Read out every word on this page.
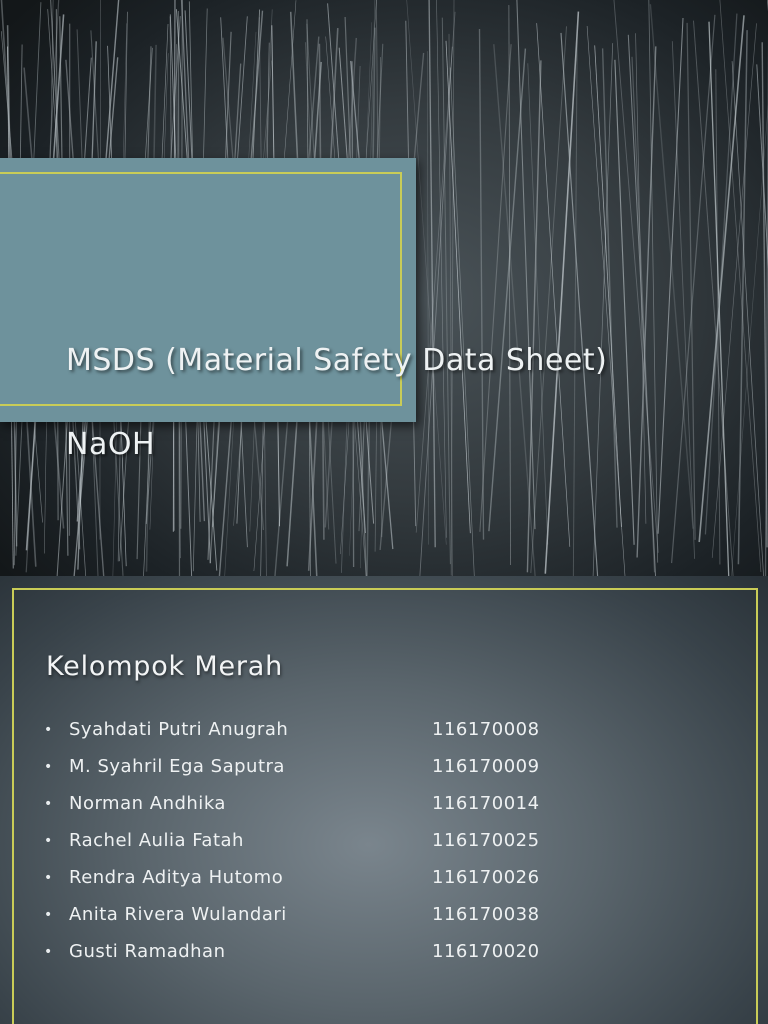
MSDS (Material Safety Data Sheet)

NaOH

Kelompok Merah
• Syahdati Putri Anugrah	116170008
• M. Syahril Ega Saputra	116170009
• Norman Andhika	116170014
• Rachel Aulia Fatah	116170025
• Rendra Aditya Hutomo	116170026
• Anita Rivera Wulandari	116170038
• Gusti Ramadhan	116170020
